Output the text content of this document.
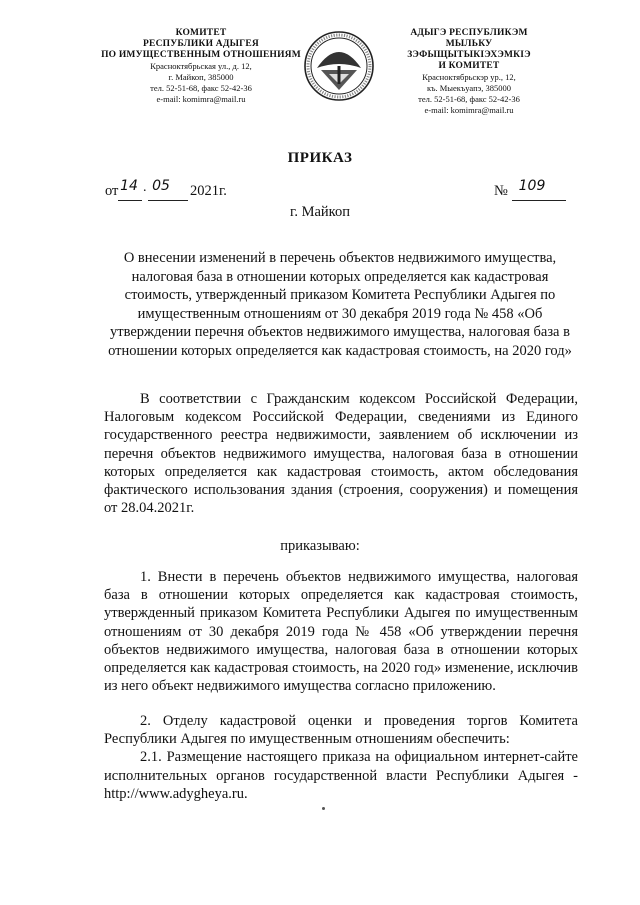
КОМИТЕТ
РЕСПУБЛИКИ АДЫГЕЯ
ПО ИМУЩЕСТВЕННЫМ ОТНОШЕНИЯМ
Красноктябрьская ул., д. 12,
г. Майкоп, 385000
тел. 52-51-68, факс 52-42-36
e-mail: komimra@mail.ru
АДЫГЭ РЕСПУБЛИКЭМ
МЫЛЬКУ ЗЭФЫЩЫТЫКIЭХЭМКIЭ
И КОМИТЕТ
Красноктябрьскэр ур., 12,
къ. Мыекъуапэ, 385000
тел. 52-51-68, факс 52-42-36
e-mail: komimra@mail.ru
ПРИКАЗ
от 14 . 05 2021г.	№ 109
г. Майкоп
О внесении изменений в перечень объектов недвижимого имущества, налоговая база в отношении которых определяется как кадастровая стоимость, утвержденный приказом Комитета Республики Адыгея по имущественным отношениям от 30 декабря 2019 года № 458 «Об утверждении перечня объектов недвижимого имущества, налоговая база в отношении которых определяется как кадастровая стоимость, на 2020 год»
В соответствии с Гражданским кодексом Российской Федерации, Налоговым кодексом Российской Федерации, сведениями из Единого государственного реестра недвижимости, заявлением об исключении из перечня объектов недвижимого имущества, налоговая база в отношении которых определяется как кадастровая стоимость, актом обследования фактического использования здания (строения, сооружения) и помещения от 28.04.2021г.
приказываю:
1. Внести в перечень объектов недвижимого имущества, налоговая база в отношении которых определяется как кадастровая стоимость, утвержденный приказом Комитета Республики Адыгея по имущественным отношениям от 30 декабря 2019 года № 458 «Об утверждении перечня объектов недвижимого имущества, налоговая база в отношении которых определяется как кадастровая стоимость, на 2020 год» изменение, исключив из него объект недвижимого имущества согласно приложению.
2. Отделу кадастровой оценки и проведения торгов Комитета Республики Адыгея по имущественным отношениям обеспечить:
2.1. Размещение настоящего приказа на официальном интернет-сайте исполнительных органов государственной власти Республики Адыгея - http://www.adygheya.ru.
